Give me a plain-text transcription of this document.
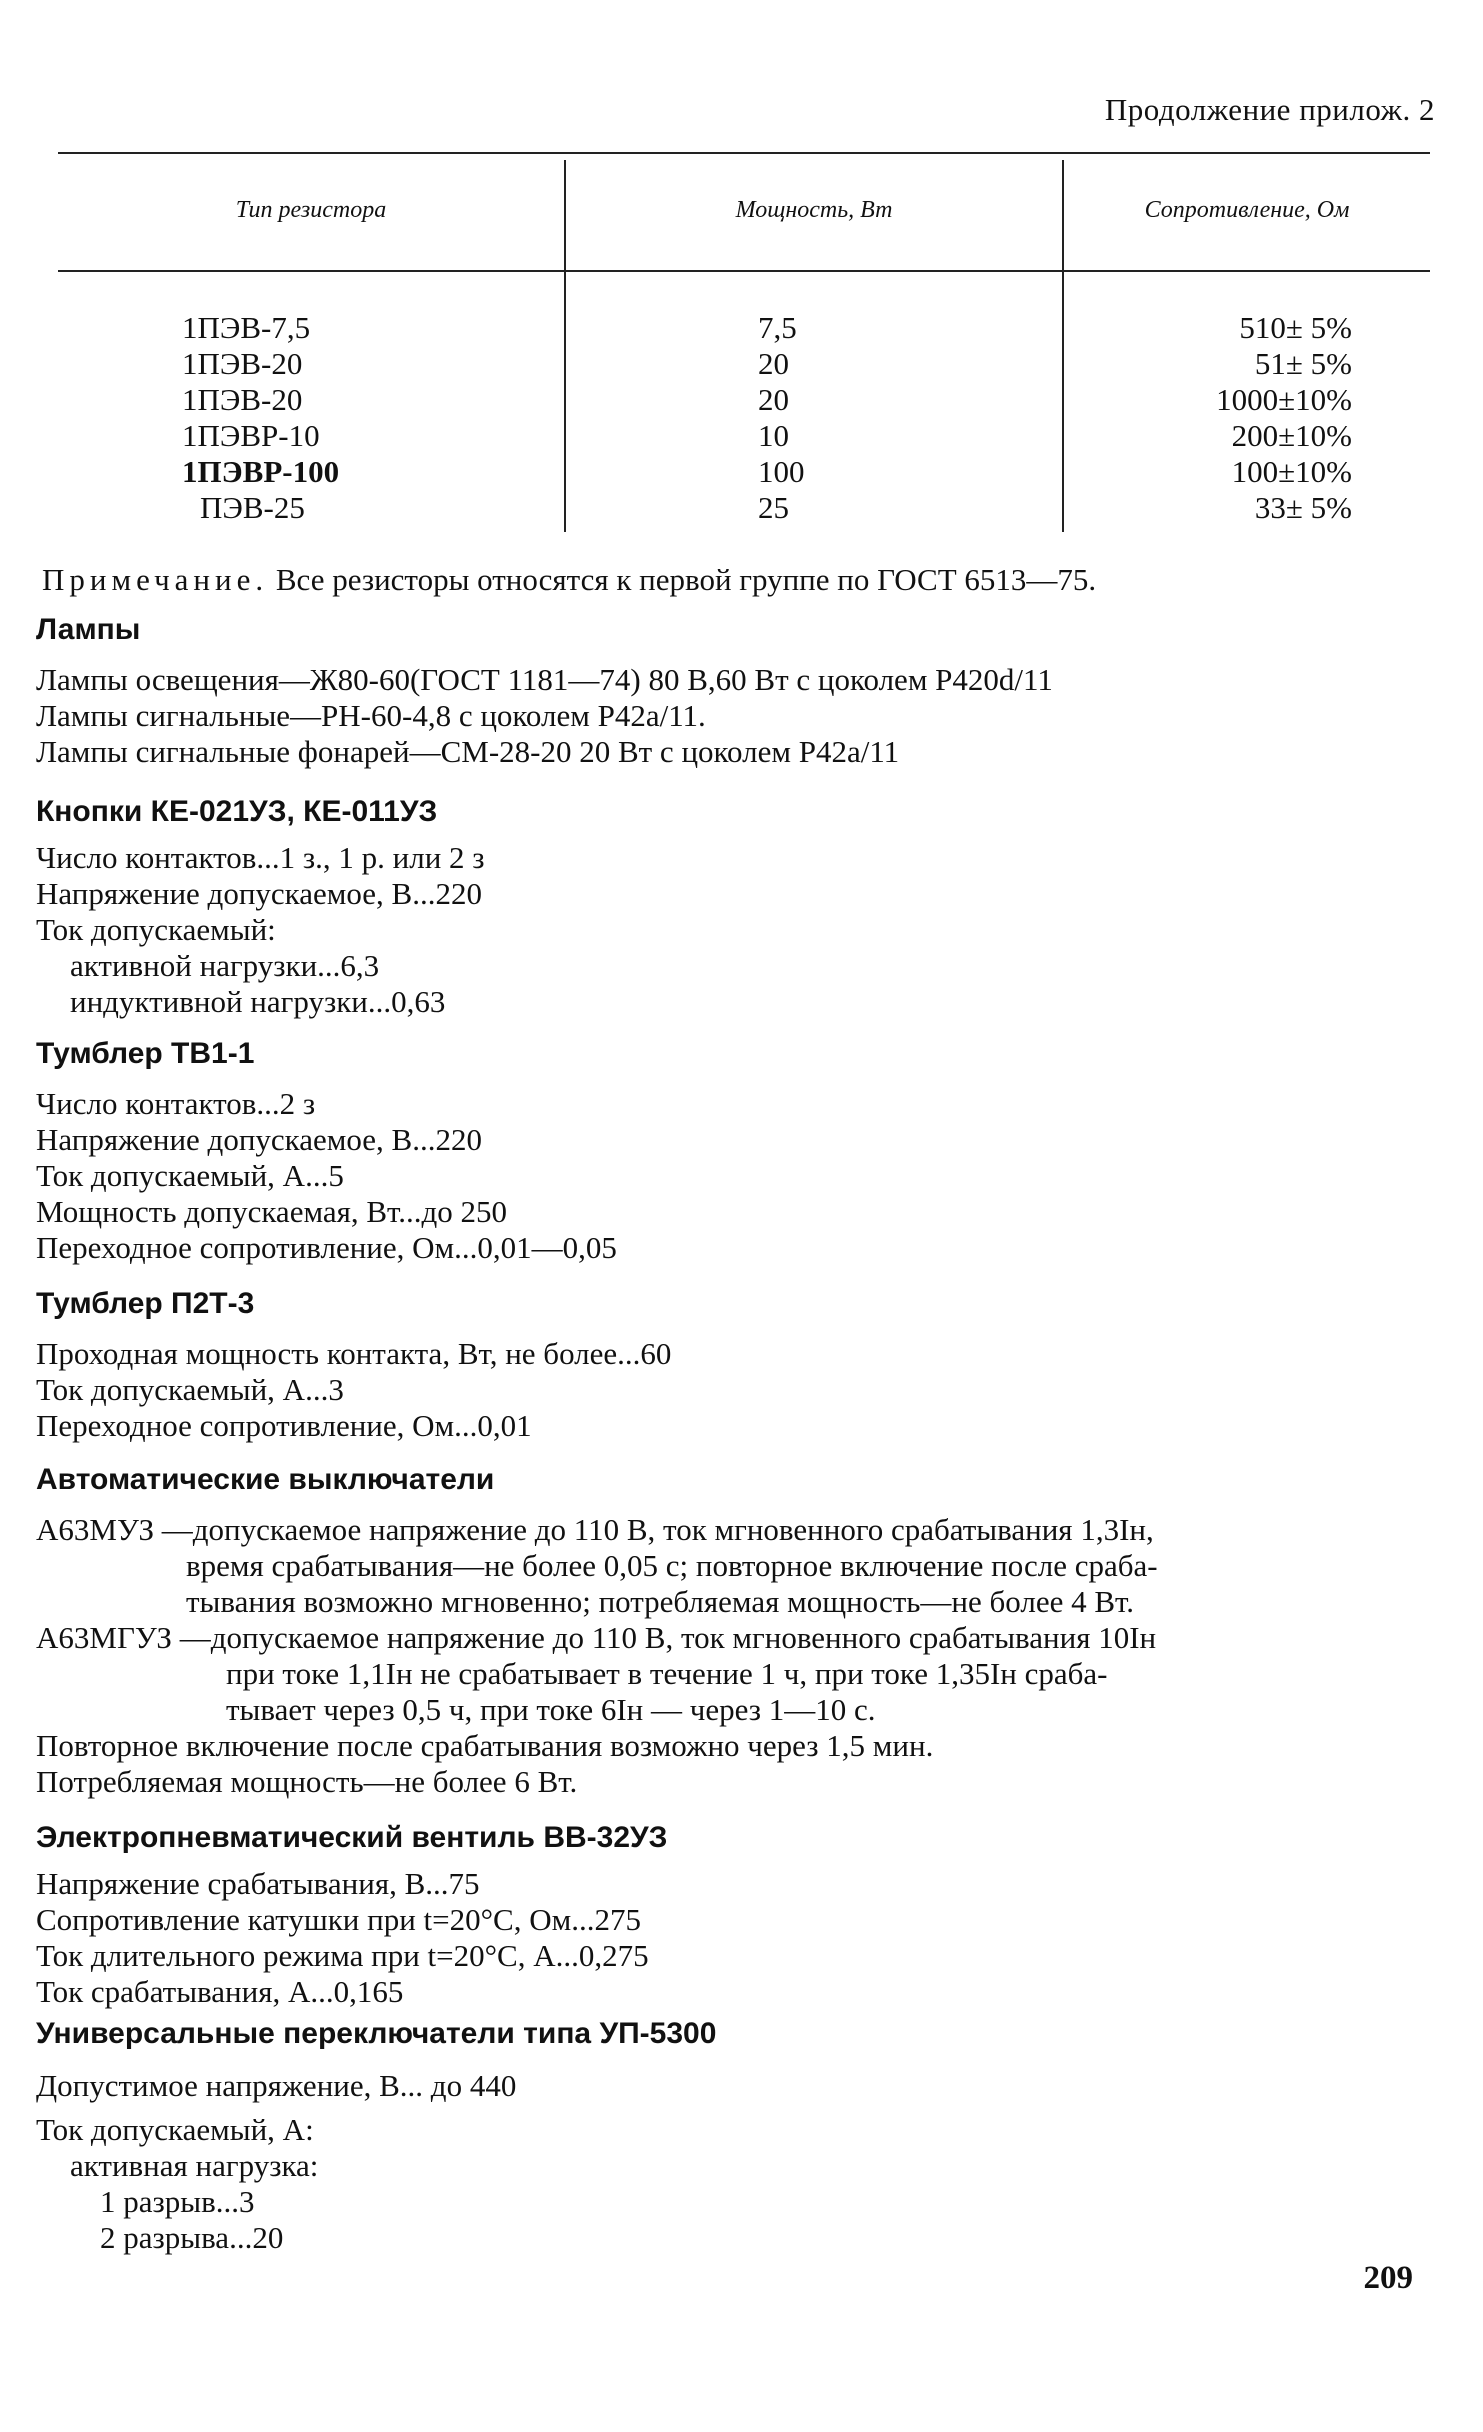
Продолжение прилож. 2
Тип резистора	Мощность, Вт	Сопротивление, Ом
1ПЭВ-7,5
1ПЭВ-20
1ПЭВ-20
1ПЭВР-10
1ПЭВР-100
ПЭВ-25
7,5
20
20
10
100
25
510± 5%
51± 5%
1000±10%
200±10%
100±10%
33± 5%
Примечание. Все резисторы относятся к первой группе по ГОСТ 6513—75.
Лампы
Лампы освещения—Ж80-60(ГОСТ 1181—74) 80 В,60 Вт с цоколем Р420d/11
Лампы сигнальные—РН-60-4,8 с цоколем Р42а/11.
Лампы сигнальные фонарей—СМ-28-20 20 Вт с цоколем Р42а/11
Кнопки КЕ-021УЗ, КЕ-011УЗ
Число контактов...1 з., 1 р. или 2 з
Напряжение допускаемое, В...220
Ток допускаемый:
активной нагрузки...6,3
индуктивной нагрузки...0,63
Тумблер ТВ1-1
Число контактов...2 з
Напряжение допускаемое, В...220
Ток допускаемый, А...5
Мощность допускаемая, Вт...до 250
Переходное сопротивление, Ом...0,01—0,05
Тумблер П2Т-3
Проходная мощность контакта, Вт, не более...60
Ток допускаемый, А...3
Переходное сопротивление, Ом...0,01
Автоматические выключатели
А63МУЗ —допускаемое напряжение до 110 В, ток мгновенного срабатывания 1,3Iн,
время срабатывания—не более 0,05 с; повторное включение после сраба-
тывания возможно мгновенно; потребляемая мощность—не более 4 Вт.
А63МГУЗ —допускаемое напряжение до 110 В, ток мгновенного срабатывания 10Iн
при токе 1,1Iн не срабатывает в течение 1 ч, при токе 1,35Iн сраба-
тывает через 0,5 ч, при токе 6Iн — через 1—10 с.
Повторное включение после срабатывания возможно через 1,5 мин.
Потребляемая мощность—не более 6 Вт.
Электропневматический вентиль ВВ-32УЗ
Напряжение срабатывания, В...75
Сопротивление катушки при t=20°С, Ом...275
Ток длительного режима при t=20°С, А...0,275
Ток срабатывания, А...0,165
Универсальные переключатели типа УП-5300
Допустимое напряжение, В... до 440
Ток допускаемый, А:
активная нагрузка:
1 разрыв...3
2 разрыва...20
209
